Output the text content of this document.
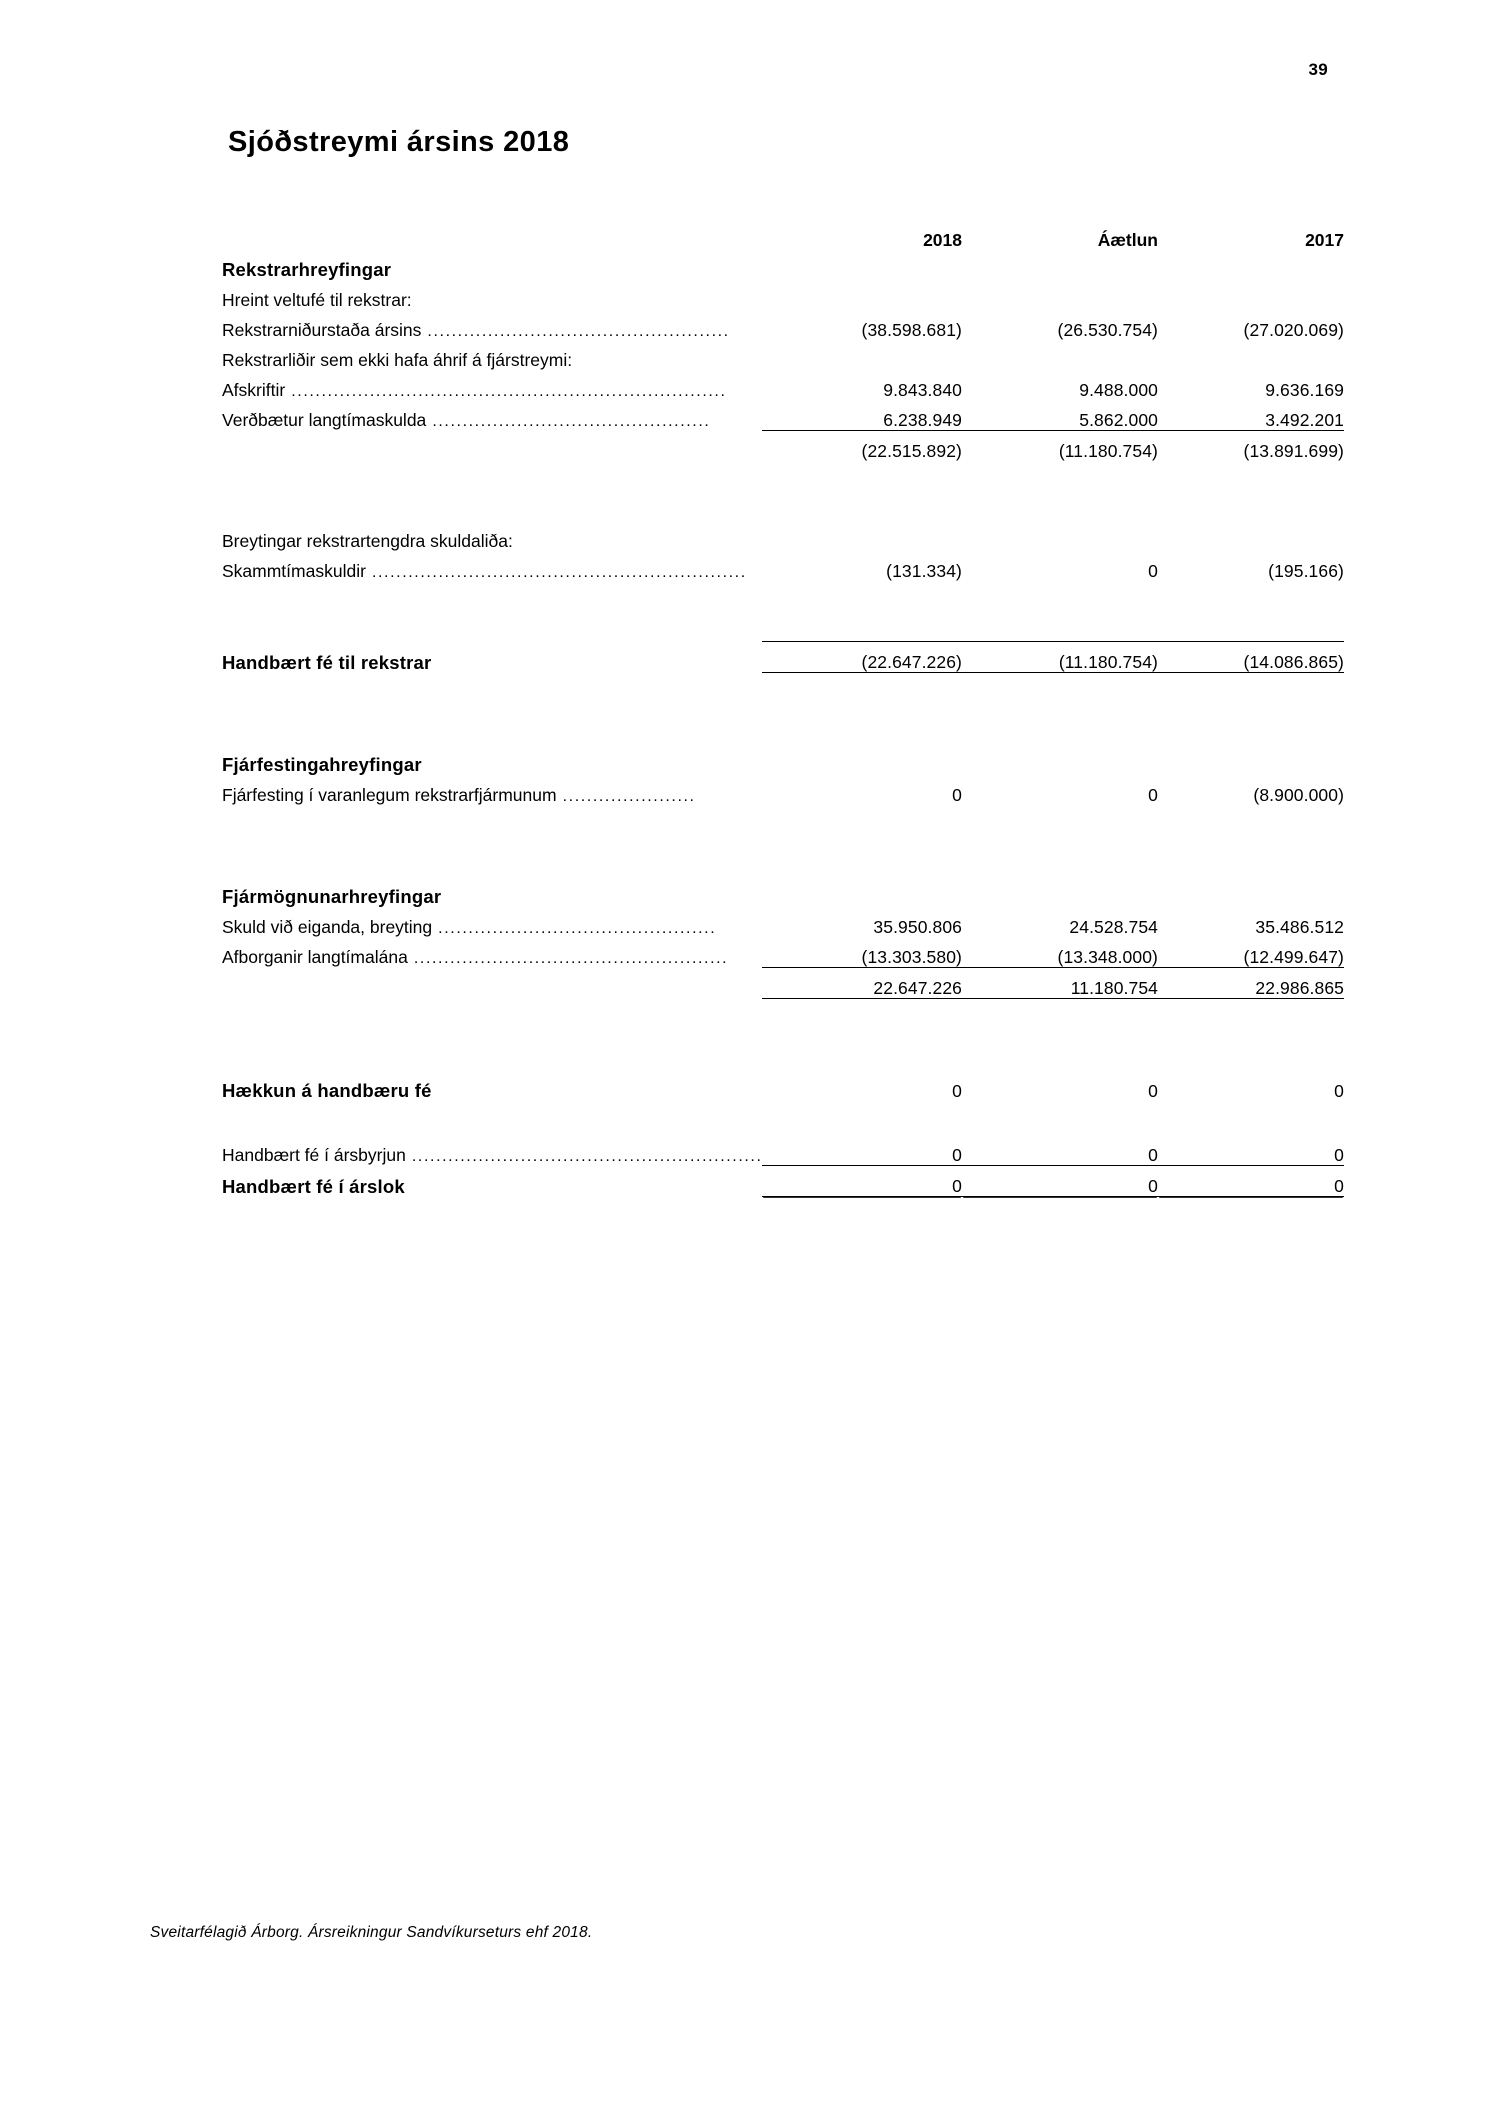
39
Sjóðstreymi ársins 2018
	2018	Áætlun	2017
Rekstrarhreyfingar			
Hreint veltufé til rekstrar:			
Rekstrarniðurstaða ársins ..................................................	(38.598.681)	(26.530.754)	(27.020.069)
Rekstrarliðir sem ekki hafa áhrif á fjárstreymi:			
Afskriftir ........................................................................	9.843.840	9.488.000	9.636.169
Verðbætur langtímaskulda ..............................................	6.238.949	5.862.000	3.492.201
	(22.515.892)	(11.180.754)	(13.891.699)

Breytingar rekstrartengdra skuldaliða:			
Skammtímaskuldir ..............................................................	(131.334)	0	(195.166)

Handbært fé til rekstrar	(22.647.226)	(11.180.754)	(14.086.865)

Fjárfestingahreyfingar			
Fjárfesting í varanlegum rekstrarfjármunum ......................	0	0	(8.900.000)

Fjármögnunarhreyfingar			
Skuld við eiganda, breyting ..............................................	35.950.806	24.528.754	35.486.512
Afborganir langtímalána ....................................................	(13.303.580)	(13.348.000)	(12.499.647)
	22.647.226	11.180.754	22.986.865

Hækkun á handbæru fé	0	0	0

Handbært fé í ársbyrjun ..........................................................	0	0	0
Handbært fé í árslok	0	0	0
Sveitarfélagið Árborg. Ársreikningur Sandvíkurseturs ehf 2018.
